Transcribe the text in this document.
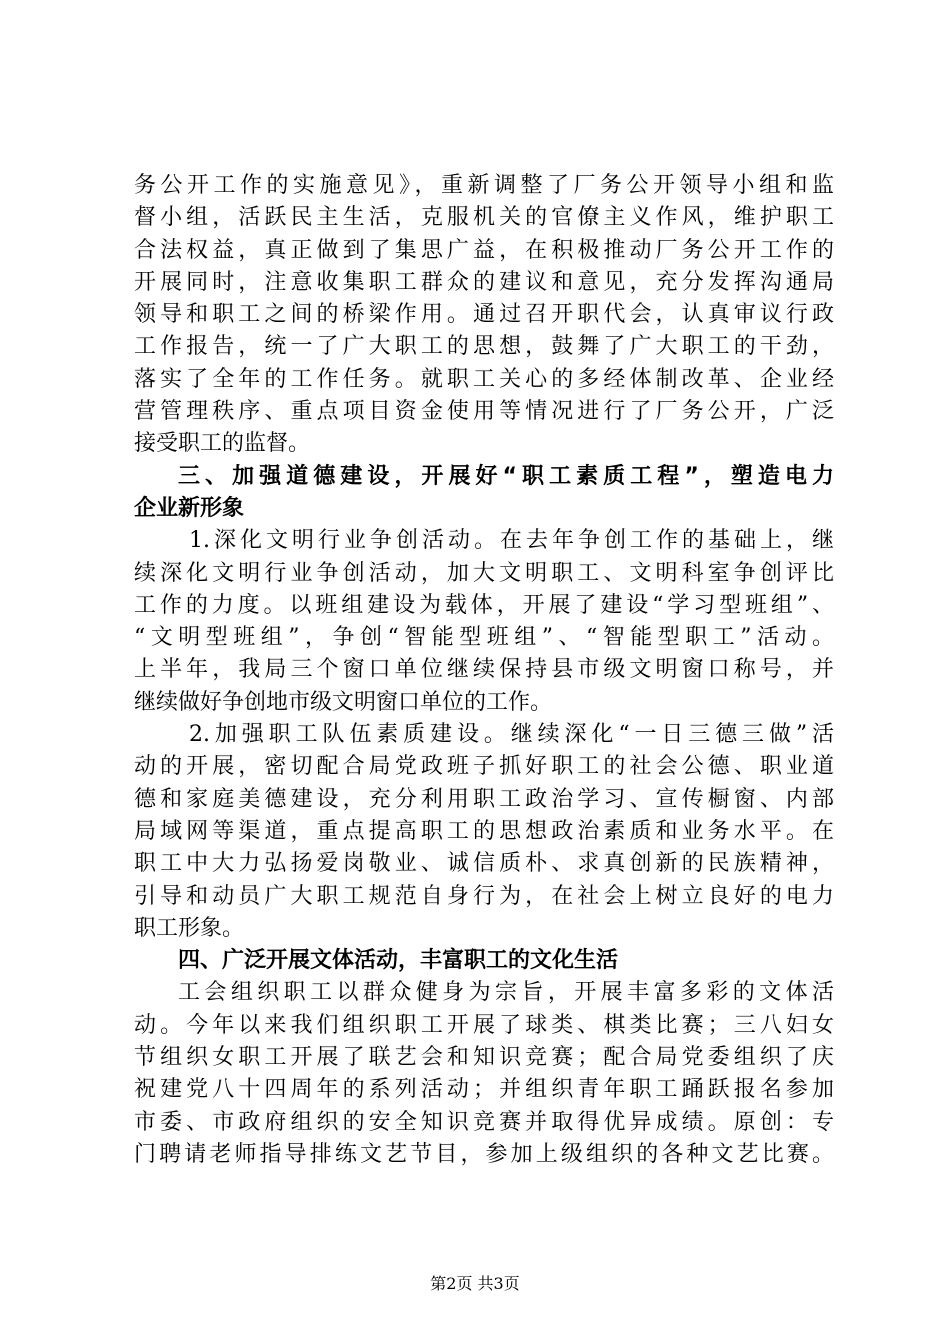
务公开工作的实施意见》，重新调整了厂务公开领导小组和监
督小组，活跃民主生活，克服机关的官僚主义作风，维护职工
合法权益，真正做到了集思广益，在积极推动厂务公开工作的
开展同时，注意收集职工群众的建议和意见，充分发挥沟通局
领导和职工之间的桥梁作用。通过召开职代会，认真审议行政
工作报告，统一了广大职工的思想，鼓舞了广大职工的干劲，
落实了全年的工作任务。就职工关心的多经体制改革、企业经
营管理秩序、重点项目资金使用等情况进行了厂务公开，广泛
接受职工的监督。
三、加强道德建设，开展好“职工素质工程”，塑造电力
企业新形象
1.深化文明行业争创活动。在去年争创工作的基础上，继
续深化文明行业争创活动，加大文明职工、文明科室争创评比
工作的力度。以班组建设为载体，开展了建设“学习型班组”、
“文明型班组”，争创“智能型班组”、“智能型职工”活动。
上半年，我局三个窗口单位继续保持县市级文明窗口称号，并
继续做好争创地市级文明窗口单位的工作。
2.加强职工队伍素质建设。继续深化“一日三德三做”活
动的开展，密切配合局党政班子抓好职工的社会公德、职业道
德和家庭美德建设，充分利用职工政治学习、宣传橱窗、内部
局域网等渠道，重点提高职工的思想政治素质和业务水平。在
职工中大力弘扬爱岗敬业、诚信质朴、求真创新的民族精神，
引导和动员广大职工规范自身行为，在社会上树立良好的电力
职工形象。
四、广泛开展文体活动，丰富职工的文化生活
工会组织职工以群众健身为宗旨，开展丰富多彩的文体活
动。今年以来我们组织职工开展了球类、棋类比赛；三八妇女
节组织女职工开展了联艺会和知识竞赛；配合局党委组织了庆
祝建党八十四周年的系列活动；并组织青年职工踊跃报名参加
市委、市政府组织的安全知识竞赛并取得优异成绩。原创：专
门聘请老师指导排练文艺节目，参加上级组织的各种文艺比赛。
第2页 共3页
